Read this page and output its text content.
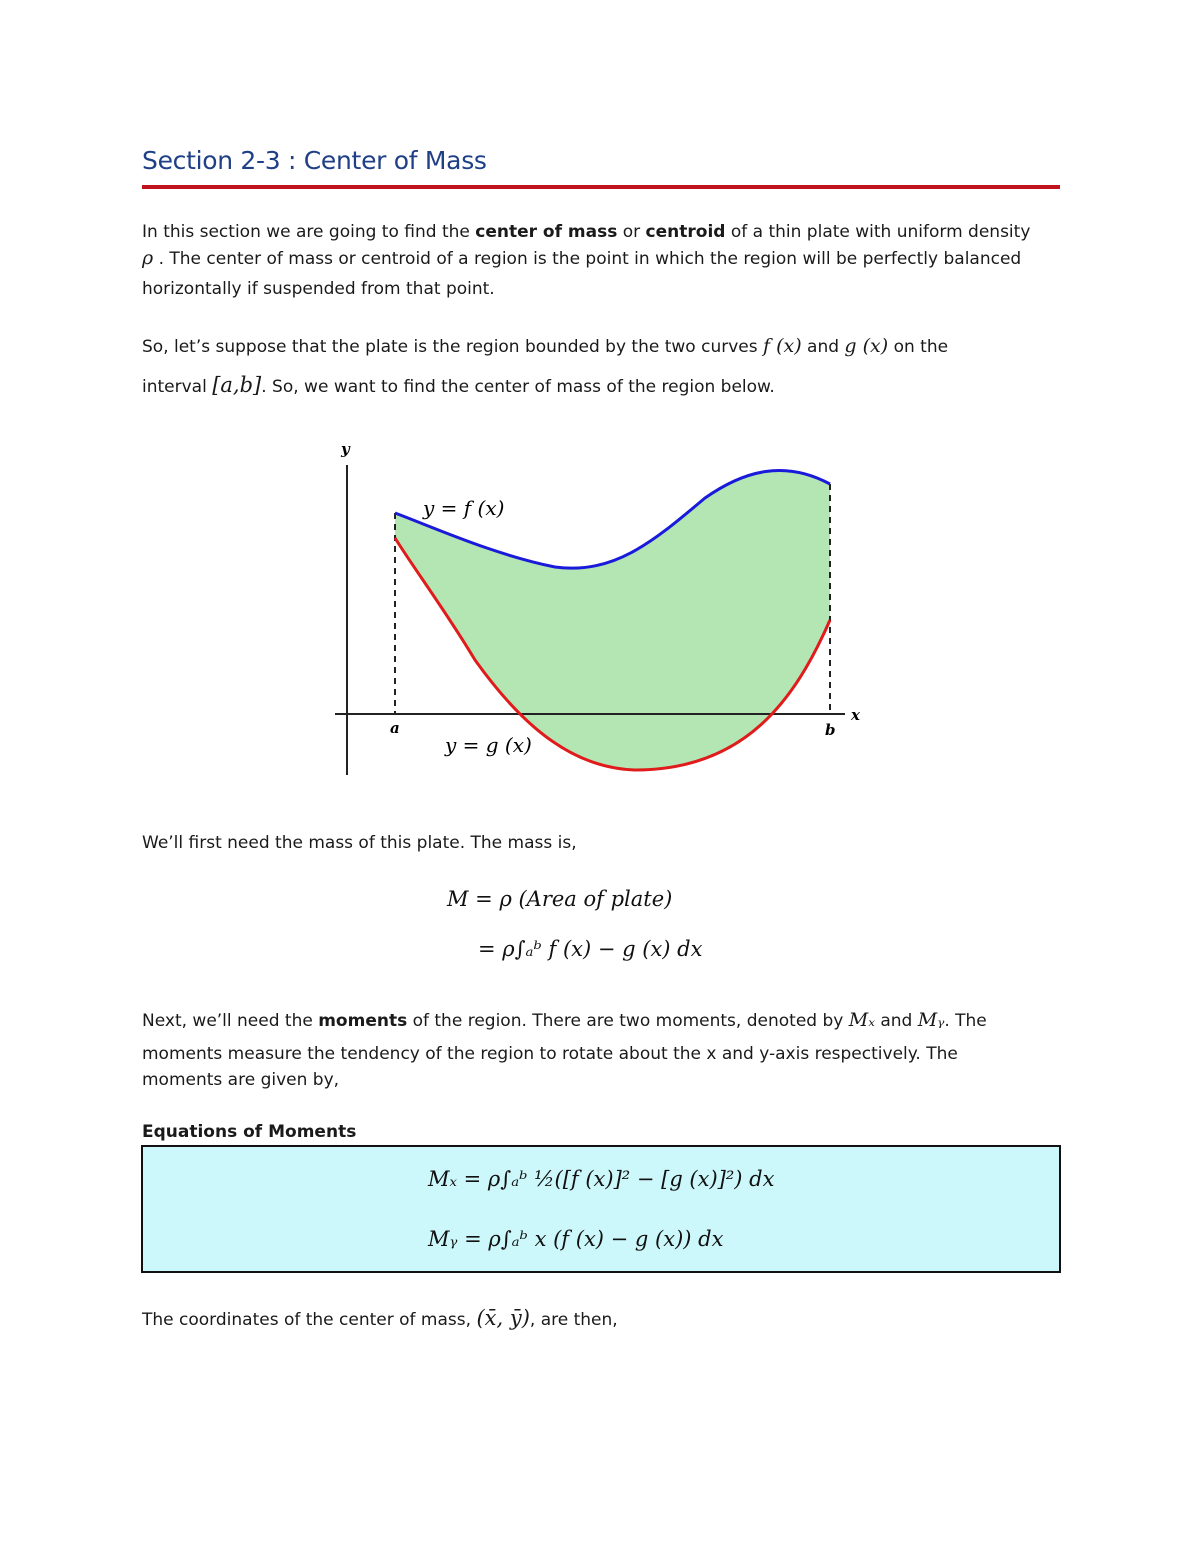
Section 2-3 : Center of Mass
In this section we are going to find the center of mass or centroid of a thin plate with uniform density
ρ . The center of mass or centroid of a region is the point in which the region will be perfectly balanced
horizontally if suspended from that point.
So, let’s suppose that the plate is the region bounded by the two curves f (x) and g (x) on the
interval [a,b]. So, we want to find the center of mass of the region below.
y
x
a	b
y = f (x)
y = g (x)
We’ll first need the mass of this plate. The mass is,
M = ρ (Area of plate)
= ρ∫ₐᵇ f (x) − g (x) dx
Next, we’ll need the moments of the region. There are two moments, denoted by Mₓ and Mᵧ. The
moments measure the tendency of the region to rotate about the x and y-axis respectively. The
moments are given by,
Equations of Moments
Mₓ = ρ∫ₐᵇ ½([f (x)]² − [g (x)]²) dx
Mᵧ = ρ∫ₐᵇ x (f (x) − g (x)) dx
The coordinates of the center of mass, (x̄, ȳ), are then,
